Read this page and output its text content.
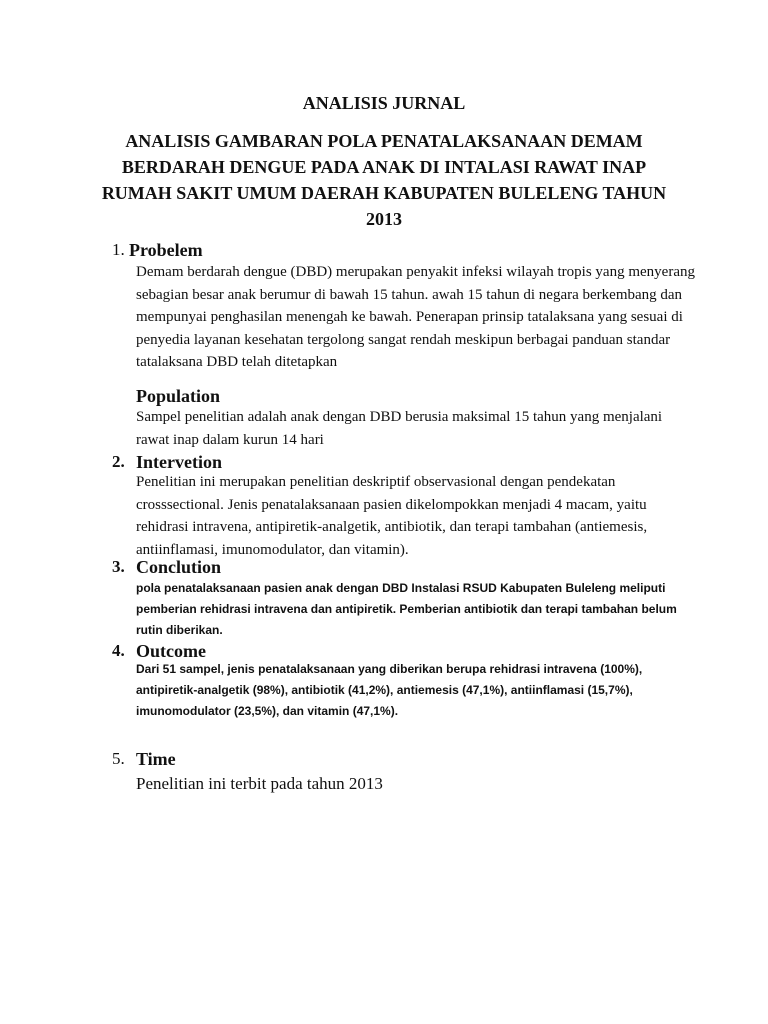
ANALISIS JURNAL
ANALISIS GAMBARAN POLA PENATALAKSANAAN DEMAM BERDARAH DENGUE PADA ANAK DI INTALASI RAWAT INAP RUMAH SAKIT UMUM DAERAH KABUPATEN BULELENG TAHUN 2013
1. Probelem
Demam berdarah dengue (DBD) merupakan penyakit infeksi wilayah tropis yang menyerang sebagian besar anak berumur di bawah 15 tahun. awah 15 tahun di negara berkembang dan mempunyai penghasilan menengah ke bawah. Penerapan prinsip tatalaksana yang sesuai di penyedia layanan kesehatan tergolong sangat rendah meskipun berbagai panduan standar tatalaksana DBD telah ditetapkan
Population
Sampel penelitian adalah anak dengan DBD berusia maksimal 15 tahun yang menjalani rawat inap dalam kurun 14 hari
2. Intervetion
Penelitian ini merupakan penelitian deskriptif observasional dengan pendekatan crosssectional. Jenis penatalaksanaan pasien dikelompokkan menjadi 4 macam, yaitu rehidrasi intravena, antipiretik-analgetik, antibiotik, dan terapi tambahan (antiemesis, antiinflamasi, imunomodulator, dan vitamin).
3. Conclution
pola penatalaksanaan pasien anak dengan DBD Instalasi RSUD Kabupaten Buleleng meliputi pemberian rehidrasi intravena dan antipiretik. Pemberian antibiotik dan terapi tambahan belum rutin diberikan.
4. Outcome
Dari 51 sampel, jenis penatalaksanaan yang diberikan berupa rehidrasi intravena (100%), antipiretik-analgetik (98%), antibiotik (41,2%), antiemesis (47,1%), antiinflamasi (15,7%), imunomodulator (23,5%), dan vitamin (47,1%).
5. Time
Penelitian ini terbit pada tahun 2013
